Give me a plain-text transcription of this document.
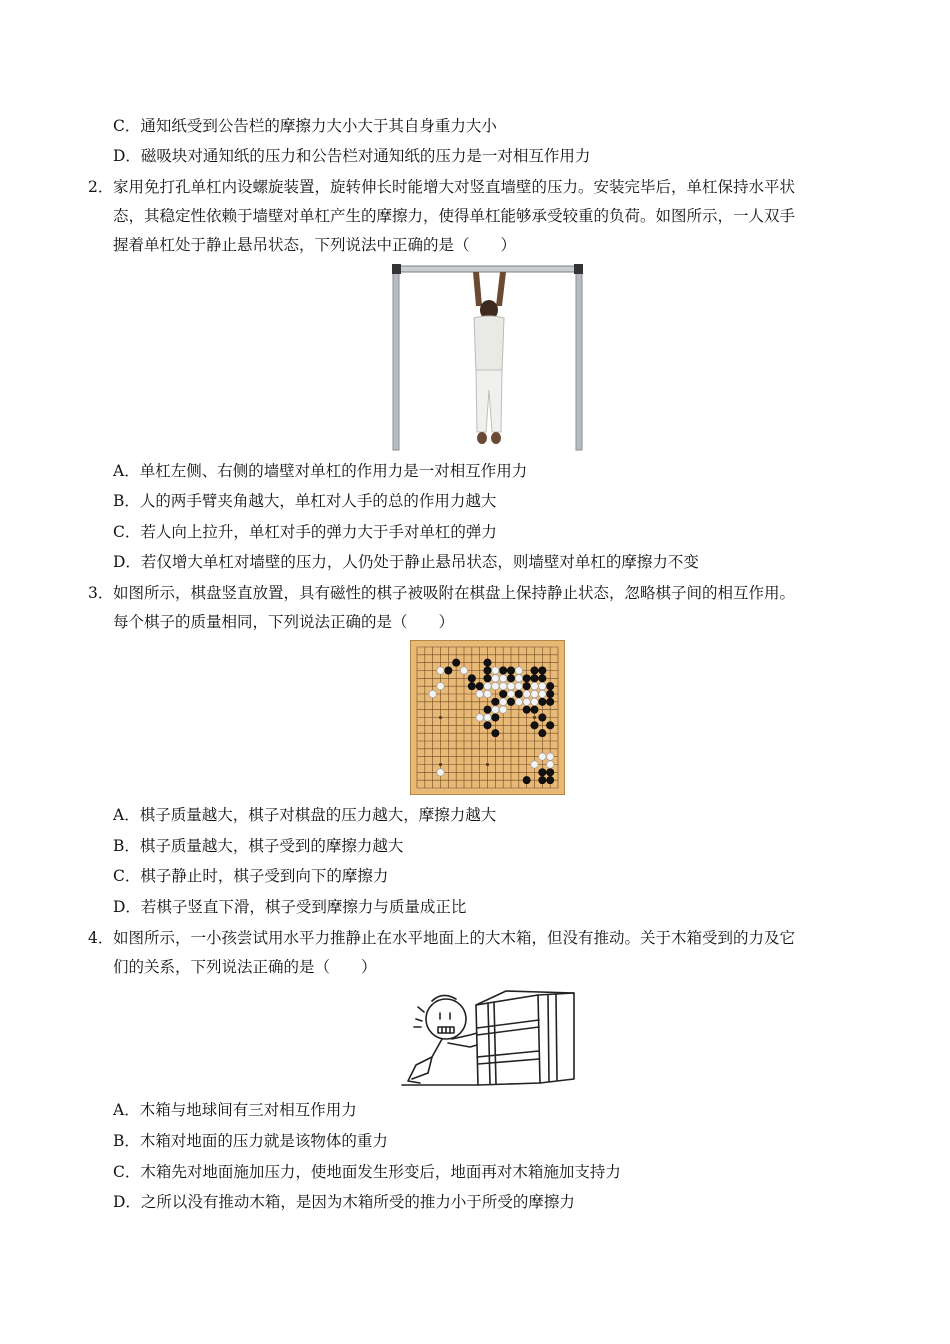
C．通知纸受到公告栏的摩擦力大小大于其自身重力大小
D．磁吸块对通知纸的压力和公告栏对通知纸的压力是一对相互作用力
2． 家用免打孔单杠内设螺旋装置，旋转伸长时能增大对竖直墙壁的压力。安装完毕后，单杠保持水平状
态，其稳定性依赖于墙壁对单杠产生的摩擦力，使得单杠能够承受较重的负荷。如图所示，一人双手
握着单杠处于静止悬吊状态，下列说法中正确的是（　　）
A．单杠左侧、右侧的墙壁对单杠的作用力是一对相互作用力
B．人的两手臂夹角越大，单杠对人手的总的作用力越大
C．若人向上拉升，单杠对手的弹力大于手对单杠的弹力
D．若仅增大单杠对墙壁的压力，人仍处于静止悬吊状态，则墙壁对单杠的摩擦力不变
3． 如图所示，棋盘竖直放置，具有磁性的棋子被吸附在棋盘上保持静止状态，忽略棋子间的相互作用。
每个棋子的质量相同，下列说法正确的是（　　）
A．棋子质量越大，棋子对棋盘的压力越大，摩擦力越大
B．棋子质量越大，棋子受到的摩擦力越大
C．棋子静止时，棋子受到向下的摩擦力
D．若棋子竖直下滑，棋子受到摩擦力与质量成正比
4． 如图所示，一小孩尝试用水平力推静止在水平地面上的大木箱，但没有推动。关于木箱受到的力及它
们的关系，下列说法正确的是（　　）
A．木箱与地球间有三对相互作用力
B．木箱对地面的压力就是该物体的重力
C．木箱先对地面施加压力，使地面发生形变后，地面再对木箱施加支持力
D．之所以没有推动木箱，是因为木箱所受的推力小于所受的摩擦力
